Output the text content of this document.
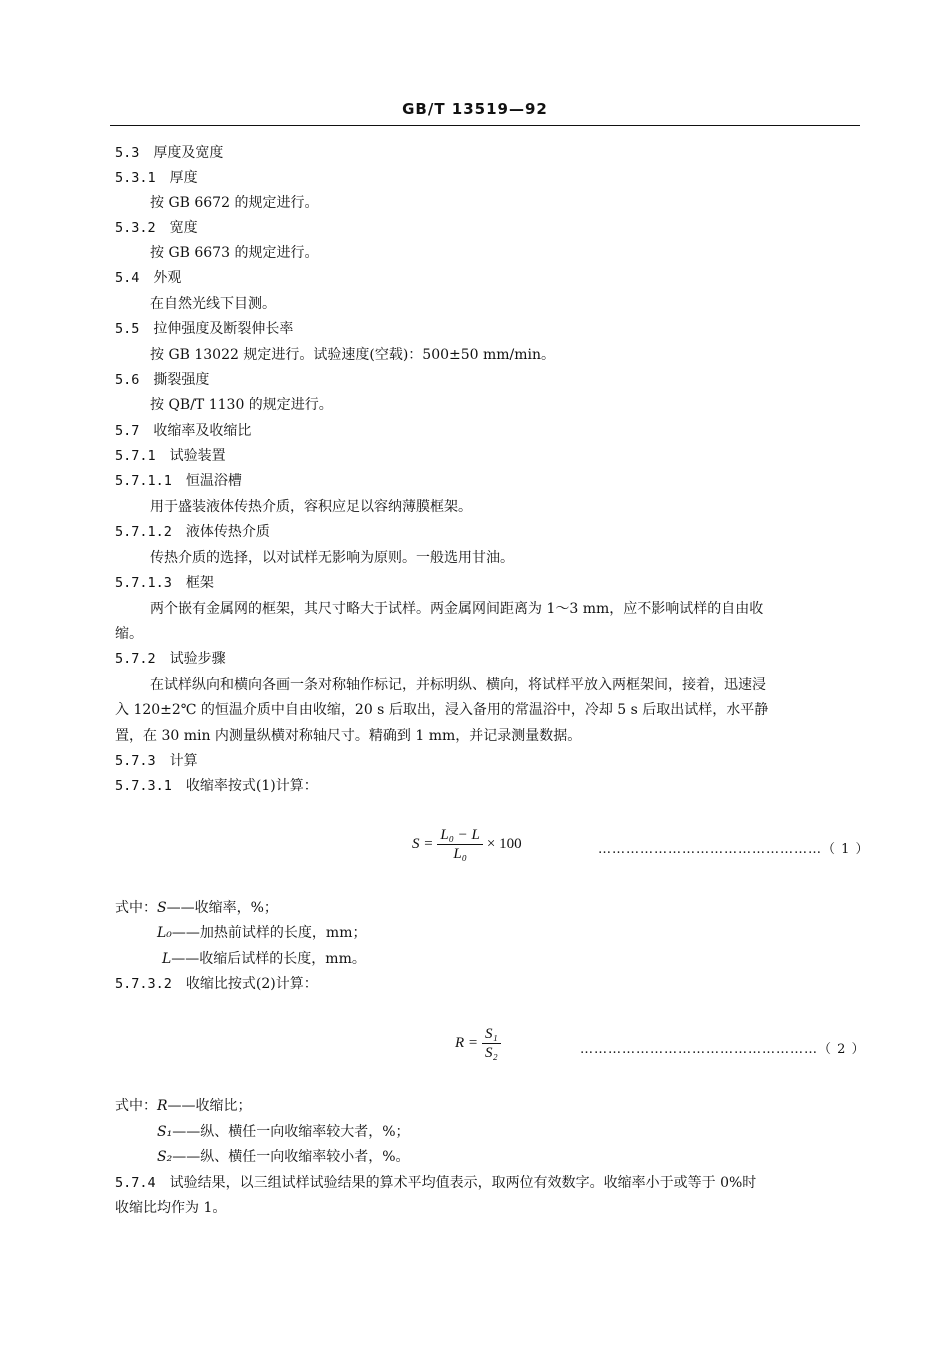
GB/T 13519—92
5.3 厚度及宽度
5.3.1 厚度
按 GB 6672 的规定进行。
5.3.2 宽度
按 GB 6673 的规定进行。
5.4 外观
在自然光线下目测。
5.5 拉伸强度及断裂伸长率
按 GB 13022 规定进行。试验速度(空载)：500±50 mm/min。
5.6 撕裂强度
按 QB/T 1130 的规定进行。
5.7 收缩率及收缩比
5.7.1 试验装置
5.7.1.1 恒温浴槽
用于盛装液体传热介质，容积应足以容纳薄膜框架。
5.7.1.2 液体传热介质
传热介质的选择，以对试样无影响为原则。一般选用甘油。
5.7.1.3 框架
两个嵌有金属网的框架，其尺寸略大于试样。两金属网间距离为 1～3 mm，应不影响试样的自由收
缩。
5.7.2 试验步骤
在试样纵向和横向各画一条对称轴作标记，并标明纵、横向，将试样平放入两框架间，接着，迅速浸
入 120±2℃ 的恒温介质中自由收缩，20 s 后取出，浸入备用的常温浴中，冷却 5 s 后取出试样，水平静
置，在 30 min 内测量纵横对称轴尺寸。精确到 1 mm，并记录测量数据。
5.7.3 计算
5.7.3.1 收缩率按式(1)计算：
$S = \frac{\text{L₀ − L}}{\text{L₀}} \times 100$	…………………………………………（ 1 ）
式中：S——收缩率，%；
L₀——加热前试样的长度，mm；
L——收缩后试样的长度，mm。
5.7.3.2 收缩比按式(2)计算：
$R = \frac{\text{S₁}}{\text{S₂}}$	……………………………………………（ 2 ）
式中：R——收缩比；
S₁——纵、横任一向收缩率较大者，%；
S₂——纵、横任一向收缩率较小者，%。
5.7.4 试验结果，以三组试样试验结果的算术平均值表示，取两位有效数字。收缩率小于或等于 0%时
收缩比均作为 1。
